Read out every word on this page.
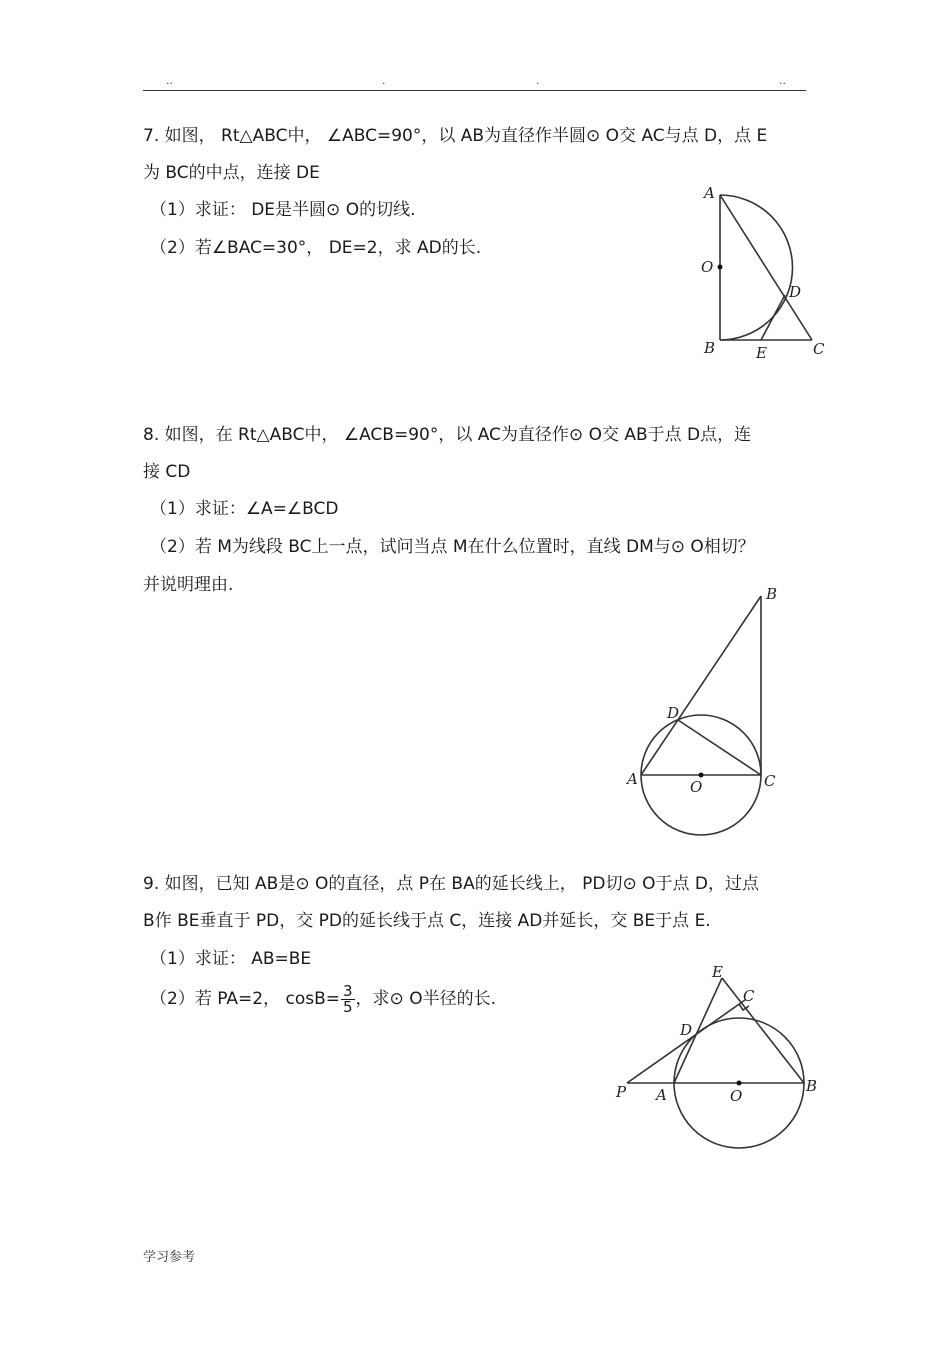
..	.	.	..
7. 如图， Rt△ABC中， ∠ABC=90°，以 AB为直径作半圆⊙ O交 AC与点 D，点 E
为 BC的中点，连接 DE
（1）求证： DE是半圆⊙ O的切线.
（2）若∠BAC=30°， DE=2，求 AD的长.
A
O
D
B	E	C
8. 如图，在 Rt△ABC中， ∠ACB=90°，以 AC为直径作⊙ O交 AB于点 D点，连
接 CD
（1）求证：∠A=∠BCD
（2）若 M为线段 BC上一点，试问当点 M在什么位置时，直线 DM与⊙ O相切？
并说明理由.	B
D
A	O	C
9. 如图，已知 AB是⊙ O的直径，点 P在 BA的延长线上， PD切⊙ O于点 D，过点
B作 BE垂直于 PD，交 PD的延长线于点 C，连接 AD并延长，交 BE于点 E.
（1）求证： AB=BE
（2）若 PA=2， $\cos B= \frac{3}{5}$ ，求⊙ O半径的长.
E
C
D
P A	O
B
学习参考
